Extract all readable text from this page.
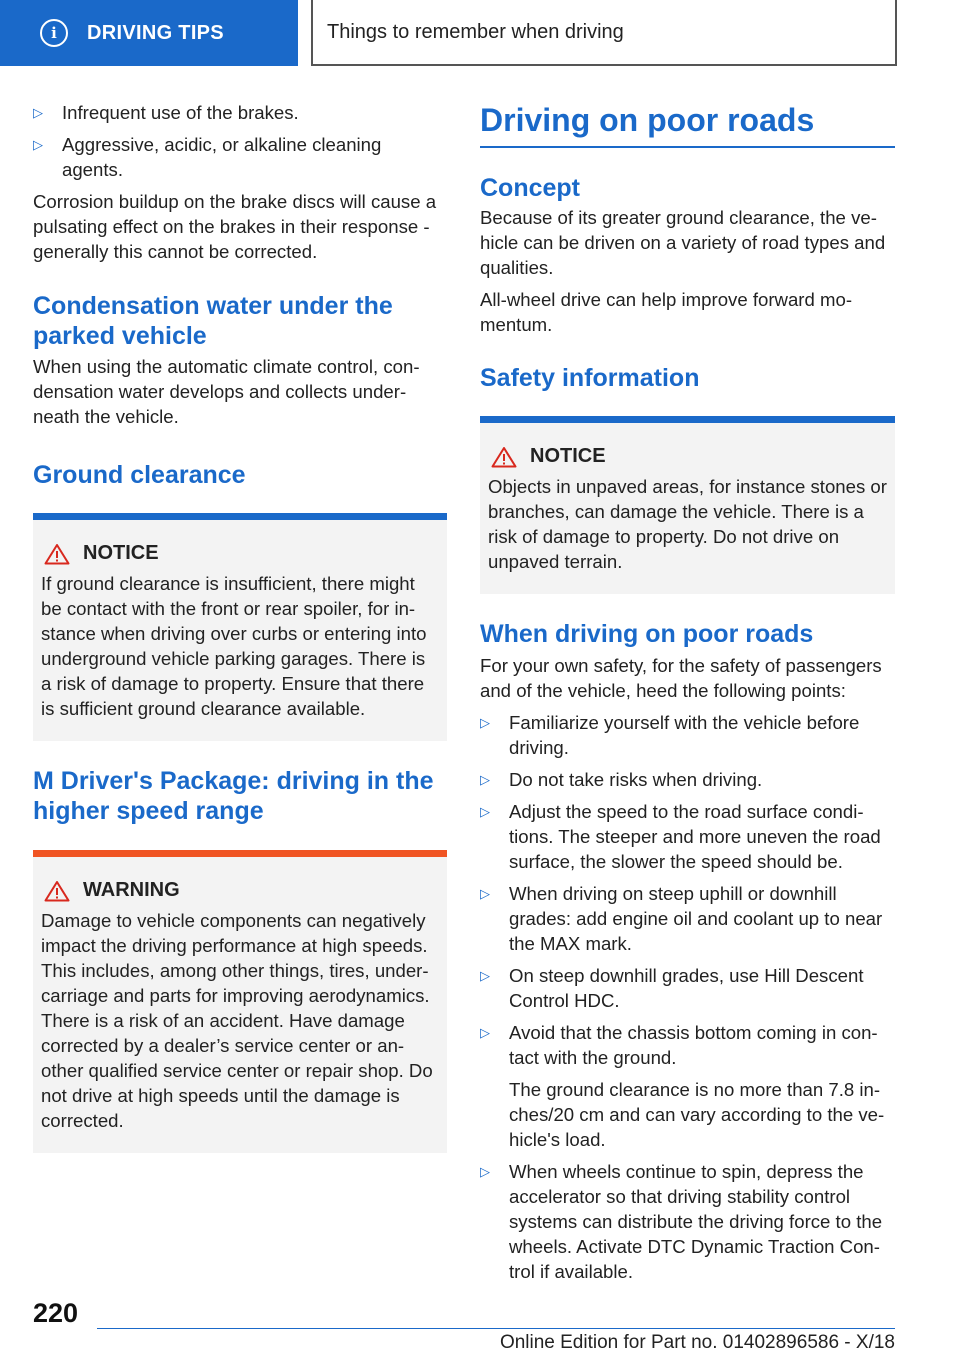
i	DRIVING TIPS	Things to remember when driving
▷ Infrequent use of the brakes.
▷ Aggressive, acidic, or alkaline cleaning agents.

Corrosion buildup on the brake discs will cause a pulsating effect on the brakes in their response - generally this cannot be corrected.

Condensation water under the parked vehicle

When using the automatic climate control, con-densation water develops and collects under-neath the vehicle.

Ground clearance
NOTICE

If ground clearance is insufficient, there might be contact with the front or rear spoiler, for in-stance when driving over curbs or entering into underground vehicle parking garages. There is a risk of damage to property. Ensure that there is sufficient ground clearance available.

M Driver's Package: driving in the higher speed range
WARNING

Damage to vehicle components can negatively impact the driving performance at high speeds. This includes, among other things, tires, under-carriage and parts for improving aerodynamics. There is a risk of an accident. Have damage corrected by a dealer’s service center or an-other qualified service center or repair shop. Do not drive at high speeds until the damage is corrected.

Driving on poor roads
Concept

Because of its greater ground clearance, the ve-hicle can be driven on a variety of road types and qualities.

All-wheel drive can help improve forward mo-mentum.

Safety information
NOTICE

Objects in unpaved areas, for instance stones or branches, can damage the vehicle. There is a risk of damage to property. Do not drive on unpaved terrain.

When driving on poor roads

For your own safety, for the safety of passengers and of the vehicle, heed the following points:

▷ Familiarize yourself with the vehicle before driving.
▷ Do not take risks when driving.
▷ Adjust the speed to the road surface condi-tions. The steeper and more uneven the road surface, the slower the speed should be.
▷ When driving on steep uphill or downhill grades: add engine oil and coolant up to near the MAX mark.
▷ On steep downhill grades, use Hill Descent Control HDC.
▷ Avoid that the chassis bottom coming in con-tact with the ground.
The ground clearance is no more than 7.8 in-ches/20 cm and can vary according to the ve-hicle's load.
▷ When wheels continue to spin, depress the accelerator so that driving stability control systems can distribute the driving force to the wheels. Activate DTC Dynamic Traction Con-trol if available.
220
Online Edition for Part no. 01402896586 - X/18
